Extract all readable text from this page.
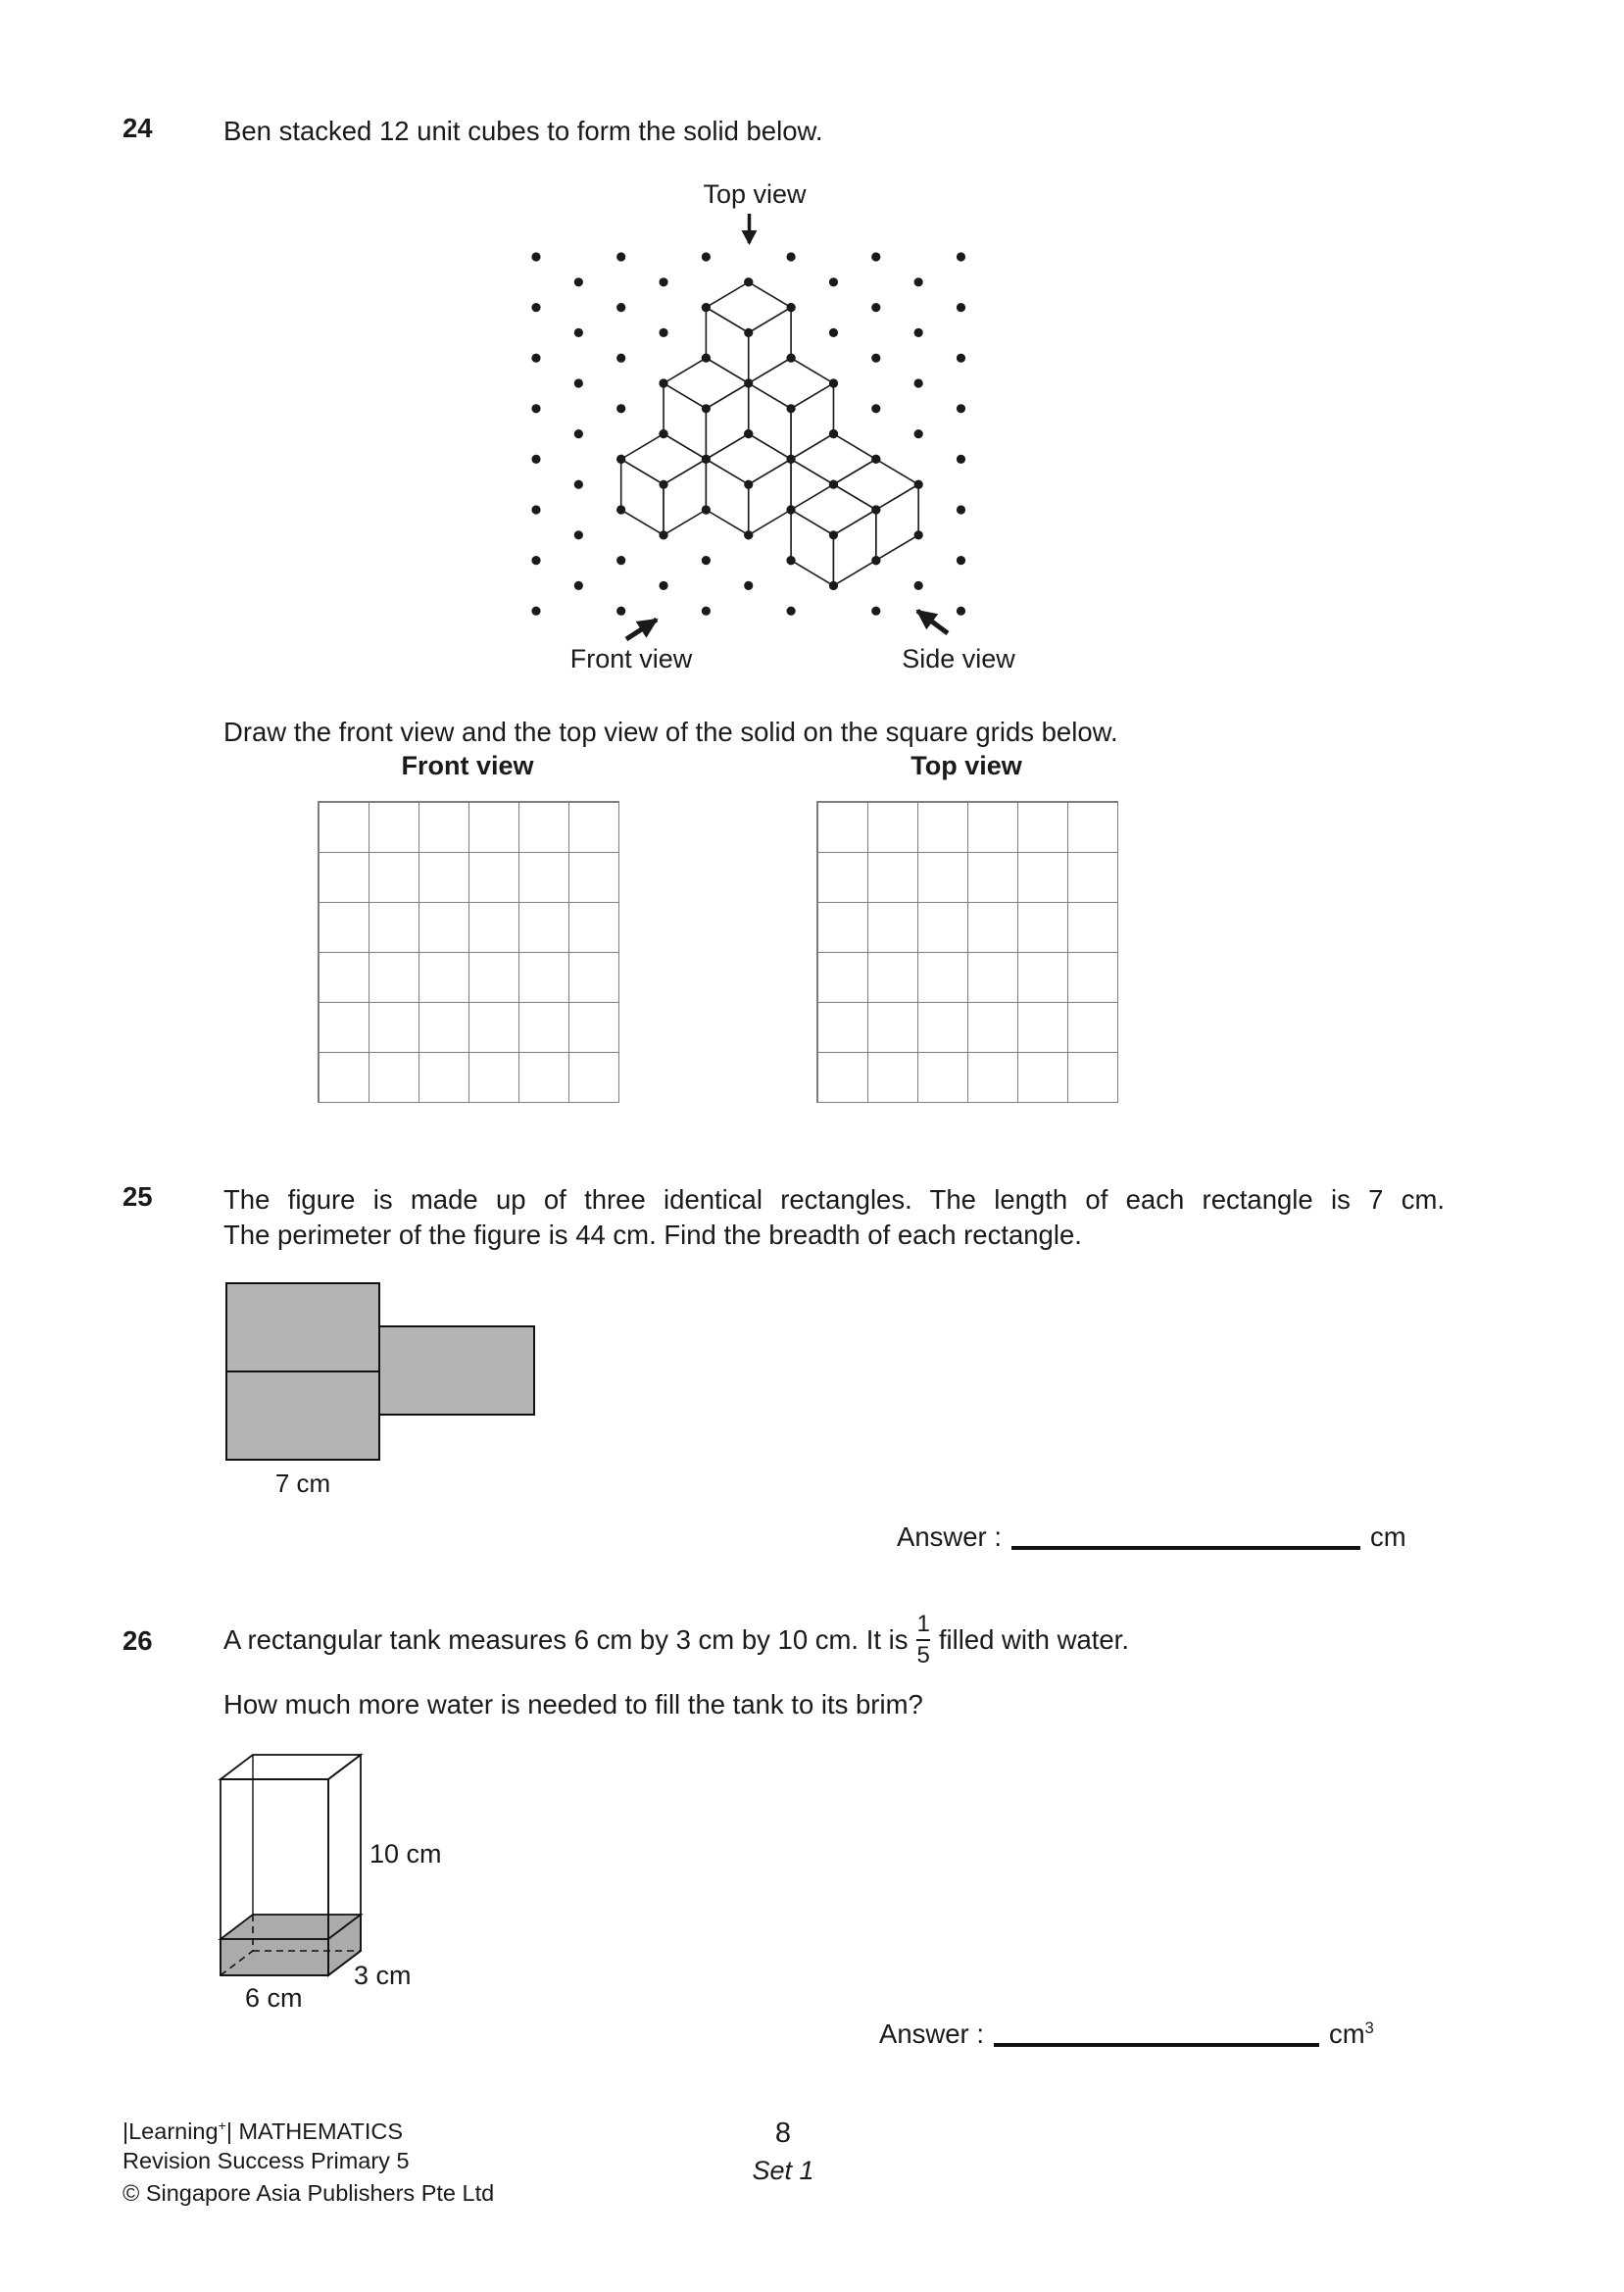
24	Ben stacked 12 unit cubes to form the solid below.
Top view
Front view	Side view
Draw the front view and the top view of the solid on the square grids below.
Front view	Top view
25	The figure is made up of three identical rectangles. The length of each rectangle is 7 cm.
The perimeter of the figure is 44 cm. Find the breadth of each rectangle.
7 cm
Answer :	cm
26	A rectangular tank measures 6 cm by 3 cm by 10 cm. It is $\frac{1}{5}$ filled with water.
How much more water is needed to fill the tank to its brim?
10 cm
3 cm
6 cm
Answer :	$cm^3$
|Learning+| MATHEMATICS
Revision Success Primary 5
© Singapore Asia Publishers Pte Ltd
8
Set 1
